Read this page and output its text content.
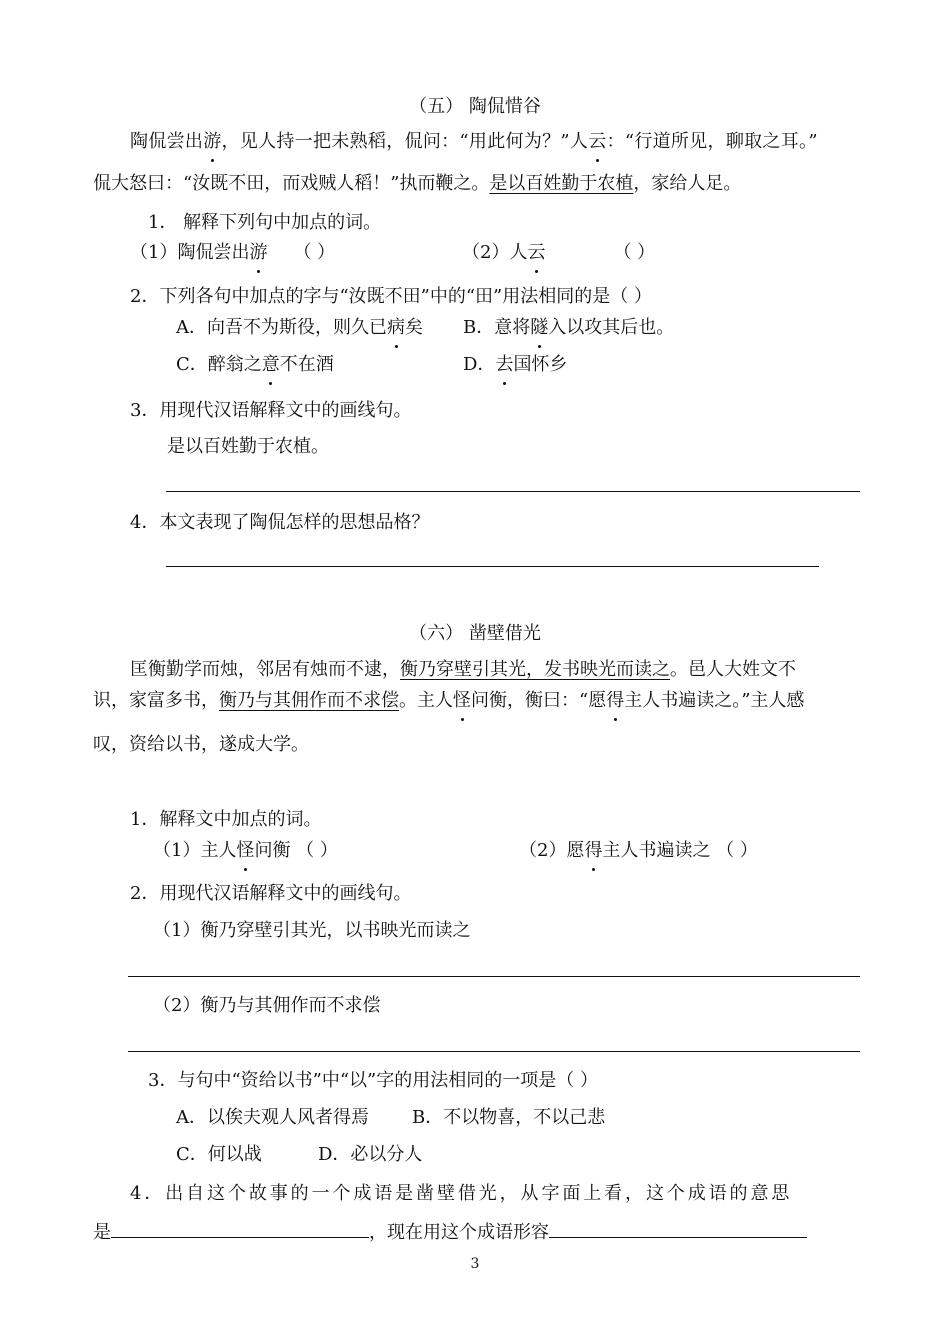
（五） 陶侃惜谷
陶侃尝出游，见人持一把未熟稻，侃问：“用此何为？”人云：“行道所见，聊取之耳。”
侃大怒曰：“汝既不田，而戏贼人稻！”执而鞭之。是以百姓勤于农植，家给人足。
1． 解释下列句中加点的词。
（1）陶侃尝出游 （ ）	（2）人云	（ ）
2．下列各句中加点的字与“汝既不田”中的“田”用法相同的是（ ）
A．向吾不为斯役，则久已病矣 B．意将隧入以攻其后也。
C．醉翁之意不在酒	D．去国怀乡
3．用现代汉语解释文中的画线句。
是以百姓勤于农植。
4．本文表现了陶侃怎样的思想品格？
（六） 凿壁借光
匡衡勤学而烛，邻居有烛而不逮，衡乃穿壁引其光，发书映光而读之。邑人大姓文不
识，家富多书，衡乃与其佣作而不求偿。主人怪问衡，衡曰：“愿得主人书遍读之。”主人感
叹，资给以书，遂成大学。
1．解释文中加点的词。
（1）主人怪问衡 （ ）	（2）愿得主人书遍读之 （ ）
2．用现代汉语解释文中的画线句。
（1）衡乃穿壁引其光，以书映光而读之
（2）衡乃与其佣作而不求偿
3．与句中“资给以书”中“以”字的用法相同的一项是（ ）
A．以俟夫观人风者得焉 B．不以物喜，不以己悲
C．何以战	D．必以分人
4．出自这个故事的一个成语是凿壁借光，从字面上看，这个成语的意思
是	，现在用这个成语形容
3
